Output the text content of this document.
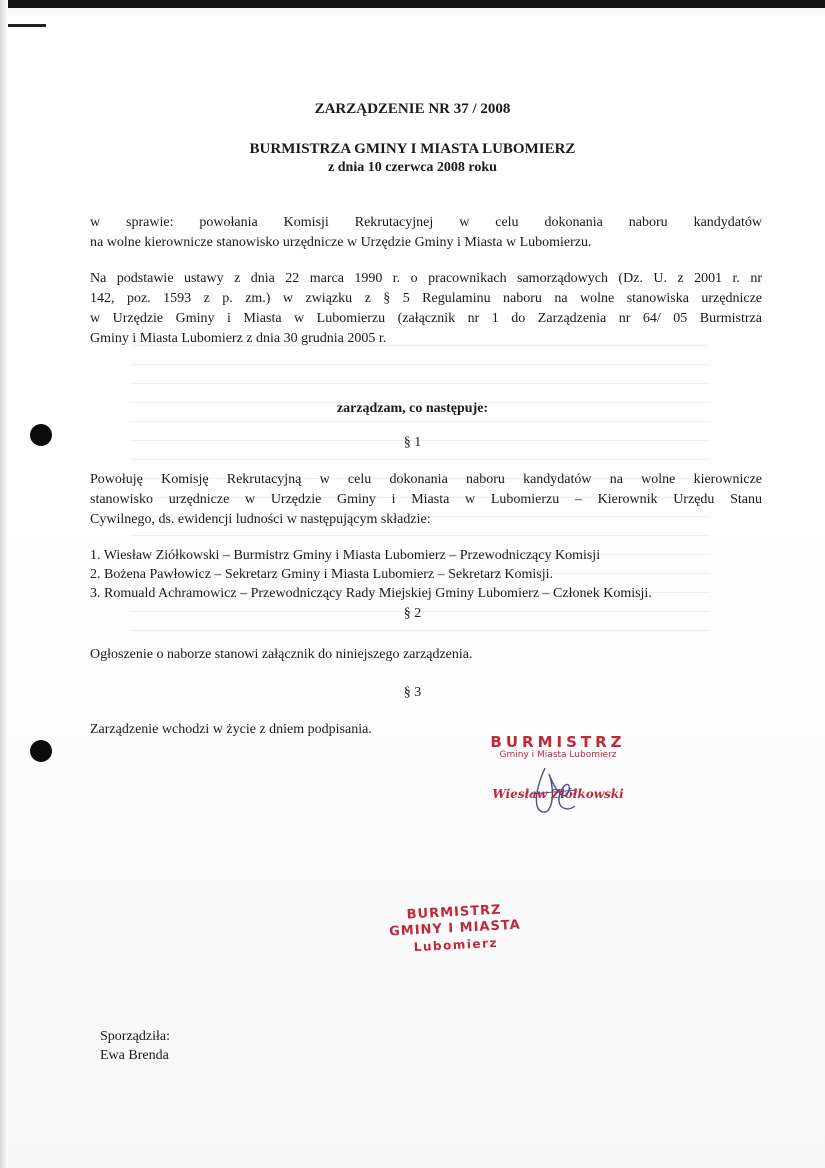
ZARZĄDZENIE NR 37 / 2008
BURMISTRZA GMINY I MIASTA LUBOMIERZ
z dnia 10 czerwca 2008 roku
w sprawie: powołania Komisji Rekrutacyjnej w celu dokonania naboru kandydatów
na wolne kierownicze stanowisko urzędnicze w Urzędzie Gminy i Miasta w Lubomierzu.
Na podstawie ustawy z dnia 22 marca 1990 r. o pracownikach samorządowych (Dz. U. z 2001 r. nr
142, poz. 1593 z p. zm.) w związku z § 5 Regulaminu naboru na wolne stanowiska urzędnicze
w Urzędzie Gminy i Miasta w Lubomierzu (załącznik nr 1 do Zarządzenia nr 64/ 05 Burmistrza
Gminy i Miasta Lubomierz z dnia 30 grudnia 2005 r.
zarządzam, co następuje:
§ 1
Powołuję Komisję Rekrutacyjną w celu dokonania naboru kandydatów na wolne kierownicze
stanowisko urzędnicze w Urzędzie Gminy i Miasta w Lubomierzu – Kierownik Urzędu Stanu
Cywilnego, ds. ewidencji ludności w następującym składzie:
1. Wiesław Ziółkowski – Burmistrz Gminy i Miasta Lubomierz – Przewodniczący Komisji
2. Bożena Pawłowicz – Sekretarz Gminy i Miasta Lubomierz – Sekretarz Komisji.
3. Romuald Achramowicz – Przewodniczący Rady Miejskiej Gminy Lubomierz – Członek Komisji.
§ 2
Ogłoszenie o naborze stanowi załącznik do niniejszego zarządzenia.
§ 3
Zarządzenie wchodzi w życie z dniem podpisania.
BURMISTRZ
Gminy i Miasta Lubomierz
Wiesław Ziółkowski
BURMISTRZ
GMINY I MIASTA
Lubomierz
Sporządziła:
Ewa Brenda
